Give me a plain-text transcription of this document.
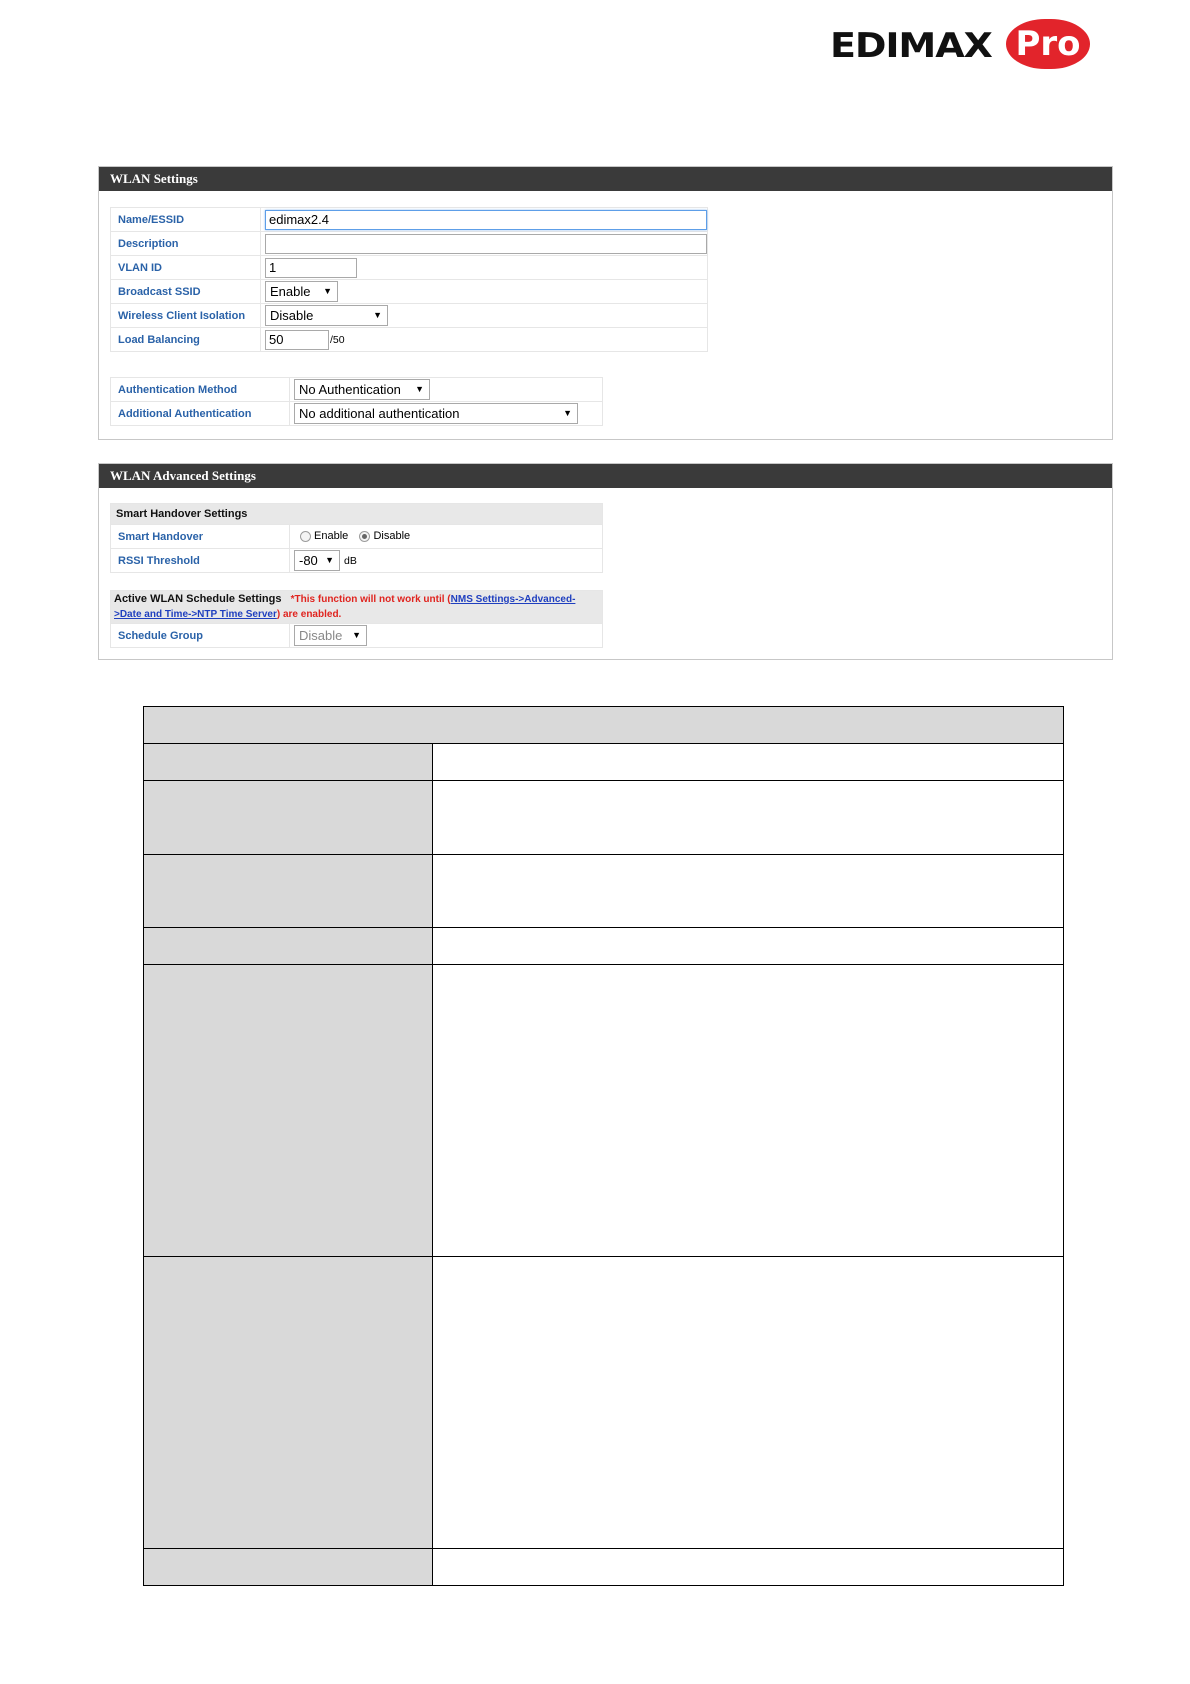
EDIMAX Pro
WLAN Settings
Name/ESSID	edimax2.4
Description	
VLAN ID	1
Broadcast SSID	Enable ▼

Wireless Client Isolation	Disable ▼

Load Balancing	50 /50
Authentication Method	No Authentication ▼

Additional Authentication	No additional authentication ▼
WLAN Advanced Settings
Smart Handover Settings	
Smart Handover	Enable Disable
RSSI Threshold	-80 ▼ dB
Active WLAN Schedule Settings *This function will not work until (NMS Settings->Advanced-
>Date and Time->NTP Time Server) are enabled.
Schedule Group	Disable ▼
